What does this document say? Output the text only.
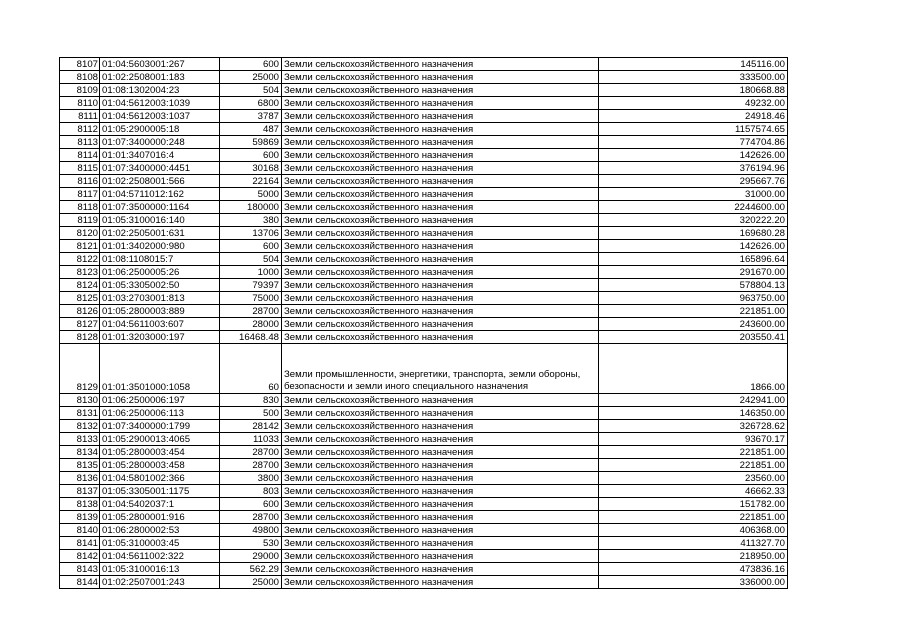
8107	01:04:5603001:267	600	Земли сельскохозяйственного назначения	145116.00
8108	01:02:2508001:183	25000	Земли сельскохозяйственного назначения	333500.00
8109	01:08:1302004:23	504	Земли сельскохозяйственного назначения	180668.88
8110	01:04:5612003:1039	6800	Земли сельскохозяйственного назначения	49232.00
8111	01:04:5612003:1037	3787	Земли сельскохозяйственного назначения	24918.46
8112	01:05:2900005:18	487	Земли сельскохозяйственного назначения	1157574.65
8113	01:07:3400000:248	59869	Земли сельскохозяйственного назначения	774704.86
8114	01:01:3407016:4	600	Земли сельскохозяйственного назначения	142626.00
8115	01:07:3400000:4451	30168	Земли сельскохозяйственного назначения	376194.96
8116	01:02:2508001:566	22164	Земли сельскохозяйственного назначения	295667.76
8117	01:04:5711012:162	5000	Земли сельскохозяйственного назначения	31000.00
8118	01:07:3500000:1164	180000	Земли сельскохозяйственного назначения	2244600.00
8119	01:05:3100016:140	380	Земли сельскохозяйственного назначения	320222.20
8120	01:02:2505001:631	13706	Земли сельскохозяйственного назначения	169680.28
8121	01:01:3402000:980	600	Земли сельскохозяйственного назначения	142626.00
8122	01:08:1108015:7	504	Земли сельскохозяйственного назначения	165896.64
8123	01:06:2500005:26	1000	Земли сельскохозяйственного назначения	291670.00
8124	01:05:3305002:50	79397	Земли сельскохозяйственного назначения	578804.13
8125	01:03:2703001:813	75000	Земли сельскохозяйственного назначения	963750.00
8126	01:05:2800003:889	28700	Земли сельскохозяйственного назначения	221851.00
8127	01:04:5611003:607	28000	Земли сельскохозяйственного назначения	243600.00
8128	01:01:3203000:197	16468.48	Земли сельскохозяйственного назначения	203550.41
8129	01:01:3501000:1058	60	Земли промышленности, энергетики, транспорта, земли обороны, безопасности и земли иного специального назначения	1866.00
8130	01:06:2500006:197	830	Земли сельскохозяйственного назначения	242941.00
8131	01:06:2500006:113	500	Земли сельскохозяйственного назначения	146350.00
8132	01:07:3400000:1799	28142	Земли сельскохозяйственного назначения	326728.62
8133	01:05:2900013:4065	11033	Земли сельскохозяйственного назначения	93670.17
8134	01:05:2800003:454	28700	Земли сельскохозяйственного назначения	221851.00
8135	01:05:2800003:458	28700	Земли сельскохозяйственного назначения	221851.00
8136	01:04:5801002:366	3800	Земли сельскохозяйственного назначения	23560.00
8137	01:05:3305001:1175	803	Земли сельскохозяйственного назначения	46662.33
8138	01:04:5402037:1	600	Земли сельскохозяйственного назначения	151782.00
8139	01:05:2800001:916	28700	Земли сельскохозяйственного назначения	221851.00
8140	01:06:2800002:53	49800	Земли сельскохозяйственного назначения	406368.00
8141	01:05:3100003:45	530	Земли сельскохозяйственного назначения	411327.70
8142	01:04:5611002:322	29000	Земли сельскохозяйственного назначения	218950.00
8143	01:05:3100016:13	562.29	Земли сельскохозяйственного назначения	473836.16
8144	01:02:2507001:243	25000	Земли сельскохозяйственного назначения	336000.00
